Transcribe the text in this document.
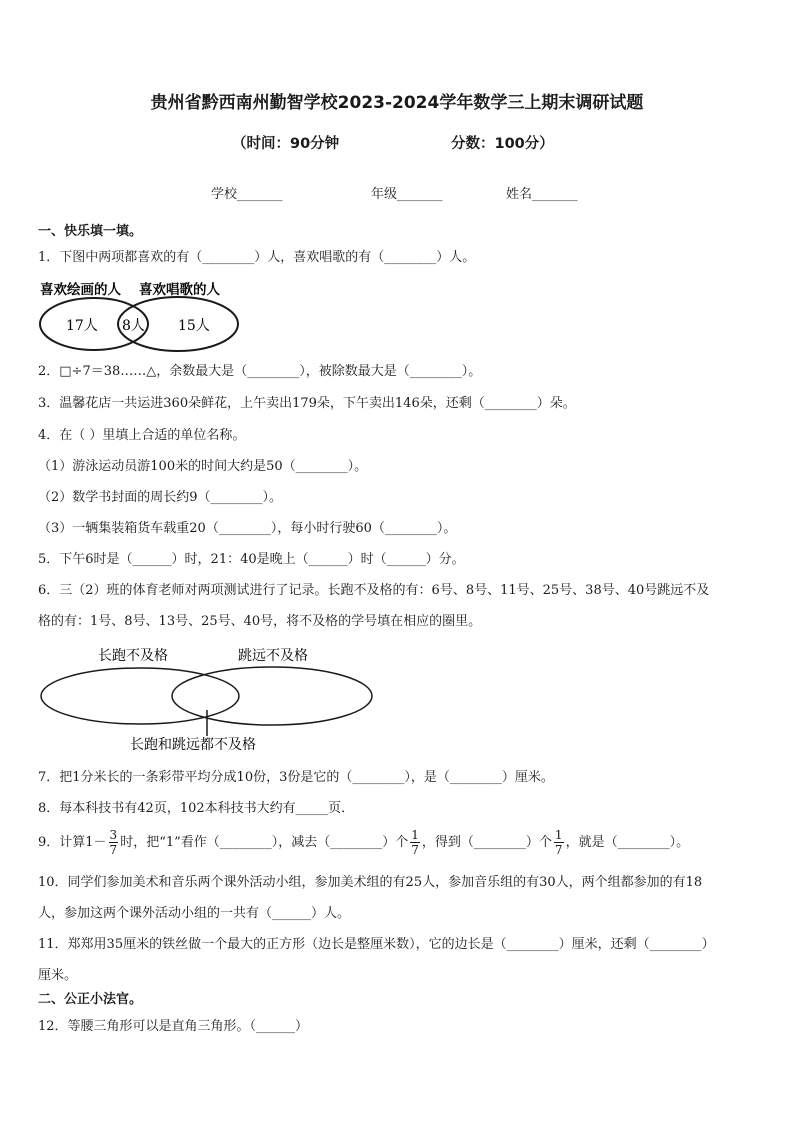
贵州省黔西南州勤智学校2023-2024学年数学三上期末调研试题
（时间：90分钟	分数：100分）
学校_______	年级_______	姓名_______
一、快乐填一填。
1．下图中两项都喜欢的有（________）人，喜欢唱歌的有（________）人。
喜欢绘画的人 喜欢唱歌的人
17人 8人 15人
2．□÷7＝38……△，余数最大是（________），被除数最大是（________）。
3．温馨花店一共运进360朵鲜花，上午卖出179朵，下午卖出146朵，还剩（________）朵。
4．在（ ）里填上合适的单位名称。
（1）游泳运动员游100米的时间大约是50（________）。
（2）数学书封面的周长约9（________）。
（3）一辆集装箱货车载重20（________），每小时行驶60（________）。
5．下午6时是（______）时，21：40是晚上（______）时（______）分。
6．三（2）班的体育老师对两项测试进行了记录。长跑不及格的有：6号、8号、11号、25号、38号、40号跳远不及
格的有：1号、8号、13号、25号、40号，将不及格的学号填在相应的圈里。
长跑不及格	跳远不及格
长跑和跳远都不及格
7．把1分米长的一条彩带平均分成10份，3份是它的（________），是（________）厘米。
8．每本科技书有42页，102本科技书大约有_____页．
9．计算$1- \frac{3}{7}$ 时，把“1”看作（________），减去（________）个 $\frac{1}{7}$ ，得到（________）个 $\frac{1}{7}$ ，就是（________）。
10．同学们参加美术和音乐两个课外活动小组，参加美术组的有25人，参加音乐组的有30人，两个组都参加的有18
人，参加这两个课外活动小组的一共有（______）人。
11．郑郑用35厘米的铁丝做一个最大的正方形（边长是整厘米数），它的边长是（________）厘米，还剩（________）
厘米。
二、公正小法官。
12．等腰三角形可以是直角三角形。（______）
